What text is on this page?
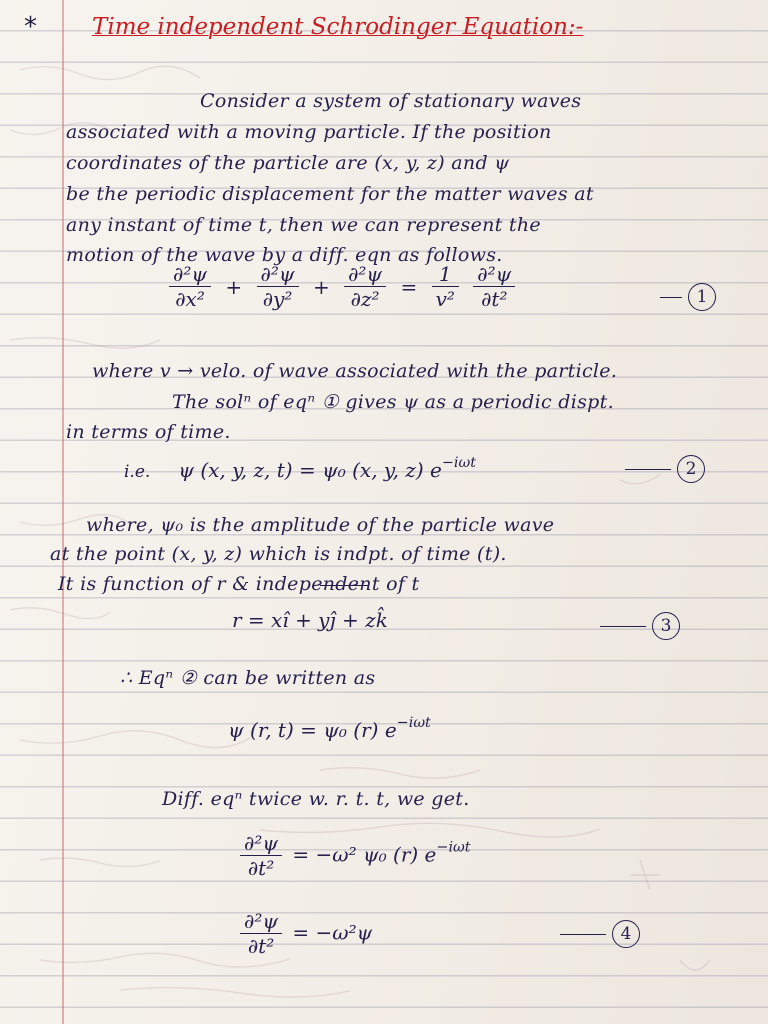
* Time independent Schrodinger Equation:-
Consider a system of stationary waves
associated with a moving particle. If the position
coordinates of the particle are (x, y, z) and ψ
be the periodic displacement for the matter waves at
any instant of time t, then we can represent the
motion of the wave by a diff. eqn as follows.
$\frac{\text{∂²ψ}}{\text{∂x²}} + \frac{\text{∂²ψ}}{\text{∂y²}} + \frac{\text{∂²ψ}}{\text{∂z²}} = \frac{1}{\text{v²}}$
$\frac{\text{∂²ψ}}{\text{∂t²}}$	1
where v → velo. of wave associated with the particle.
The solⁿ of eqⁿ ① gives ψ as a periodic dispt.
in terms of time.
i.e. ψ (x, y, z, t) = ψ₀ (x, y, z) $e^{-i\omega t}$	2
where, ψ₀ is the amplitude of the particle wave
at the point (x, y, z) which is indpt. of time (t).
It is function of r & independent of t
r = xî + yĵ + zk̂	3
∴ Eqⁿ ② can be written as
ψ (r, t) = ψ₀ (r) $e^{-i\omega t}$
Diff. eqⁿ twice w. r. t. t, we get.
$\frac{\text{∂²ψ}}{\text{∂t²}} = -\omega^2$ ψ₀ (r) $e^{-i\omega t}$
$\frac{\text{∂²ψ}}{\text{∂t²}} = -\omega^2\psi$	4
